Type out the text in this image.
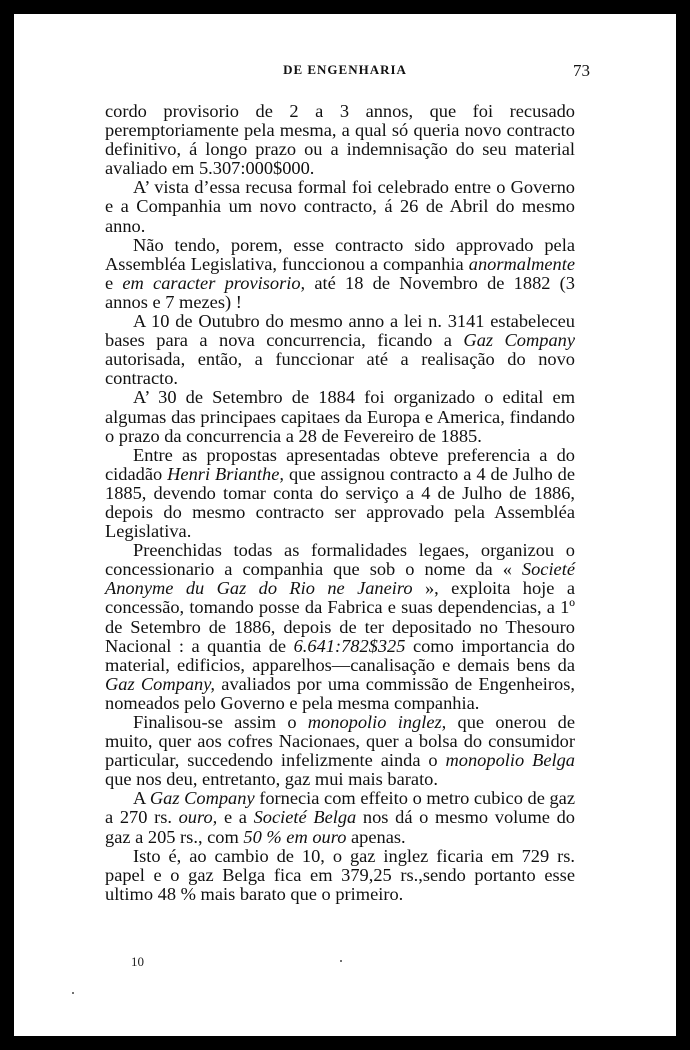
DE ENGENHARIA	73

cordo provisorio de 2 a 3 annos, que foi recusado peremptoriamente pela mesma, a qual só queria novo contracto definitivo, á longo prazo ou a indemnisação do seu material avaliado em 5.307:000$000.

A’ vista d’essa recusa formal foi celebrado entre o Governo e a Companhia um novo contracto, á 26 de Abril do mesmo anno.

Não tendo, porem, esse contracto sido approvado pela Assembléa Legislativa, funccionou a companhia anormalmente e em caracter provisorio, até 18 de Novembro de 1882 (3 annos e 7 mezes) !

A 10 de Outubro do mesmo anno a lei n. 3141 estabeleceu bases para a nova concurrencia, ficando a Gaz Company autorisada, então, a funccionar até a realisação do novo contracto.

A’ 30 de Setembro de 1884 foi organizado o edital em algumas das principaes capitaes da Europa e America, findando o prazo da concurrencia a 28 de Fevereiro de 1885.

Entre as propostas apresentadas obteve preferencia a do cidadão Henri Brianthe, que assignou contracto a 4 de Julho de 1885, devendo tomar conta do serviço a 4 de Julho de 1886, depois do mesmo contracto ser approvado pela Assembléa Legislativa.

Preenchidas todas as formalidades legaes, organizou o concessionario a companhia que sob o nome da « Societé Anonyme du Gaz do Rio ne Janeiro », exploita hoje a concessão, tomando posse da Fabrica e suas dependencias, a 1º de Setembro de 1886, depois de ter depositado no Thesouro Nacional : a quantia de 6.641:782$325 como importancia do material, edificios, apparelhos—canalisação e demais bens da Gaz Company, avaliados por uma commissão de Engenheiros, nomeados pelo Governo e pela mesma companhia.

Finalisou-se assim o monopolio inglez, que onerou de muito, quer aos cofres Nacionaes, quer a bolsa do consumidor particular, succedendo infelizmente ainda o monopolio Belga que nos deu, entretanto, gaz mui mais barato.

A Gaz Company fornecia com effeito o metro cubico de gaz a 270 rs. ouro, e a Societé Belga nos dá o mesmo volume do gaz a 205 rs., com 50 % em ouro apenas.

Isto é, ao cambio de 10, o gaz inglez ficaria em 729 rs. papel e o gaz Belga fica em 379,25 rs.,sendo portanto esse ultimo 48 % mais barato que o primeiro.

10
